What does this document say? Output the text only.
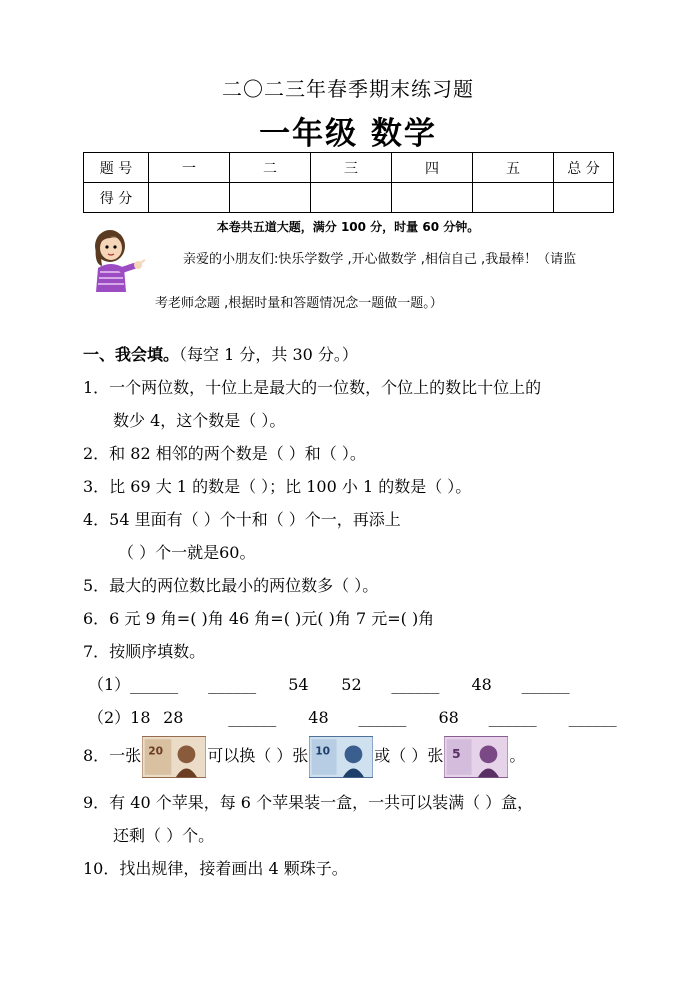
二〇二三年春季期末练习题
一年级 数学
题 号	一	二	三	四	五	总 分
得 分						
本卷共五道大题，满分 100 分，时量 60 分钟。
亲爱的小朋友们:快乐学数学 ,开心做数学 ,相信自己 ,我最棒！（请监
考老师念题 ,根据时量和答题情况念一题做一题。）
一、我会填。（每空 1 分，共 30 分。）
1．一个两位数，十位上是最大的一位数，个位上的数比十位上的
数少 4，这个数是（ ）。
2．和 82 相邻的两个数是（ ）和（ ）。
3．比 69 大 1 的数是（ ）；比 100 小 1 的数是（ ）。
4．54 里面有（ ）个十和（ ）个一，再添上
（ ）个一就是60。
5．最大的两位数比最小的两位数多（ ）。
6．6 元 9 角=( )角 46 角=( )元( )角 7 元=( )角
7．按顺序填数。
（1）______ ______ 54 52 ______ 48 ______
（2）18 28	______ 48 ______ 68 ______ ______
8．一张 20	可以换（ ）张 10	或（ ）张 5	。
9．有 40 个苹果，每 6 个苹果装一盒，一共可以装满（ ）盒，
还剩（ ）个。
10．找出规律，接着画出 4 颗珠子。
